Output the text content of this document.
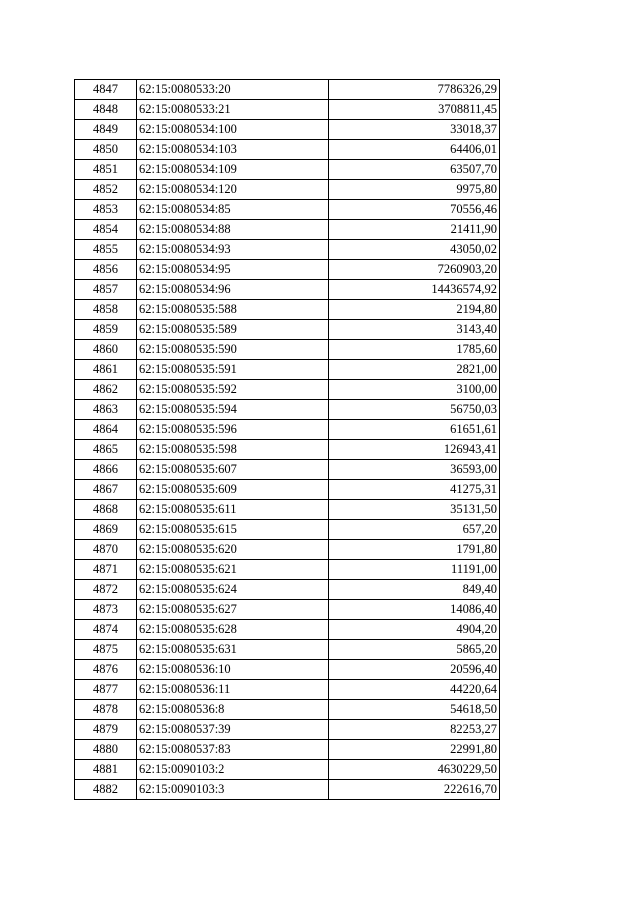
4847	62:15:0080533:20	7786326,29
4848	62:15:0080533:21	3708811,45
4849	62:15:0080534:100	33018,37
4850	62:15:0080534:103	64406,01
4851	62:15:0080534:109	63507,70
4852	62:15:0080534:120	9975,80
4853	62:15:0080534:85	70556,46
4854	62:15:0080534:88	21411,90
4855	62:15:0080534:93	43050,02
4856	62:15:0080534:95	7260903,20
4857	62:15:0080534:96	14436574,92
4858	62:15:0080535:588	2194,80
4859	62:15:0080535:589	3143,40
4860	62:15:0080535:590	1785,60
4861	62:15:0080535:591	2821,00
4862	62:15:0080535:592	3100,00
4863	62:15:0080535:594	56750,03
4864	62:15:0080535:596	61651,61
4865	62:15:0080535:598	126943,41
4866	62:15:0080535:607	36593,00
4867	62:15:0080535:609	41275,31
4868	62:15:0080535:611	35131,50
4869	62:15:0080535:615	657,20
4870	62:15:0080535:620	1791,80
4871	62:15:0080535:621	11191,00
4872	62:15:0080535:624	849,40
4873	62:15:0080535:627	14086,40
4874	62:15:0080535:628	4904,20
4875	62:15:0080535:631	5865,20
4876	62:15:0080536:10	20596,40
4877	62:15:0080536:11	44220,64
4878	62:15:0080536:8	54618,50
4879	62:15:0080537:39	82253,27
4880	62:15:0080537:83	22991,80
4881	62:15:0090103:2	4630229,50
4882	62:15:0090103:3	222616,70
